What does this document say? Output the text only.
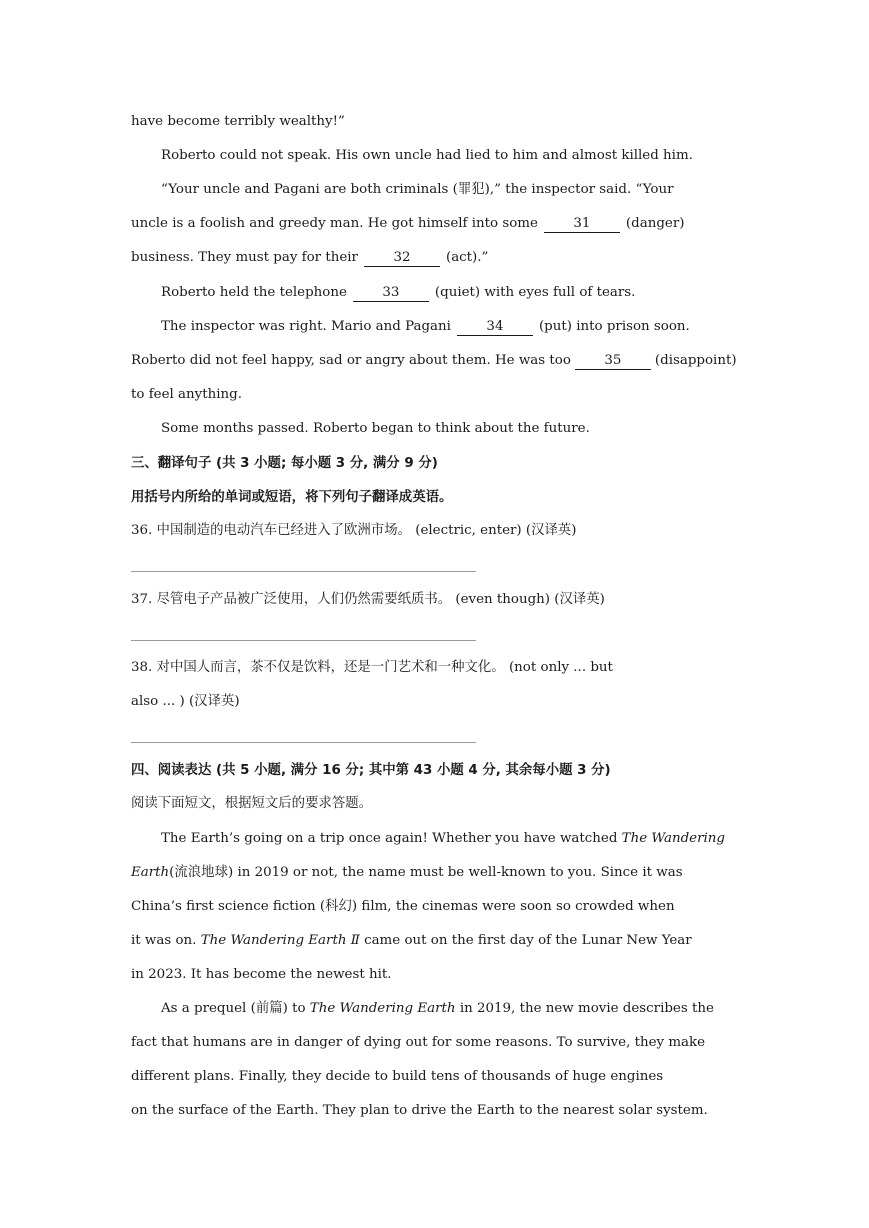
have become terribly wealthy!”
Roberto could not speak. His own uncle had lied to him and almost killed him.
“Your uncle and Pagani are both criminals (罪犯),” the inspector said. “Your
uncle is a foolish and greedy man. He got himself into some	31	(danger)
business. They must pay for their	32	(act).”
Roberto held the telephone	33	(quiet) with eyes full of tears.
The inspector was right. Mario and Pagani	34	(put) into prison soon.
Roberto did not feel happy, sad or angry about them. He was too 35 (disappoint)
to feel anything.
Some months passed. Roberto began to think about the future.
三、翻译句子 (共 3 小题; 每小题 3 分, 满分 9 分)
用括号内所给的单词或短语，将下列句子翻译成英语。
36. 中国制造的电动汽车已经进入了欧洲市场。 (electric, enter) (汉译英)
37. 尽管电子产品被广泛使用，人们仍然需要纸质书。 (even though) (汉译英)
38. 对中国人而言，茶不仅是饮料，还是一门艺术和一种文化。 (not only ... but
also ... ) (汉译英)
四、阅读表达 (共 5 小题, 满分 16 分; 其中第 43 小题 4 分, 其余每小题 3 分)
阅读下面短文，根据短文后的要求答题。
The Earth’s going on a trip once again! Whether you have watched The Wandering
Earth(流浪地球) in 2019 or not, the name must be well-known to you. Since it was
China’s first science fiction (科幻) film, the cinemas were soon so crowded when
it was on. The Wandering Earth Ⅱ came out on the first day of the Lunar New Year
in 2023. It has become the newest hit.
As a prequel (前篇) to The Wandering Earth in 2019, the new movie describes the
fact that humans are in danger of dying out for some reasons. To survive, they make
different plans. Finally, they decide to build tens of thousands of huge engines
on the surface of the Earth. They plan to drive the Earth to the nearest solar system.
